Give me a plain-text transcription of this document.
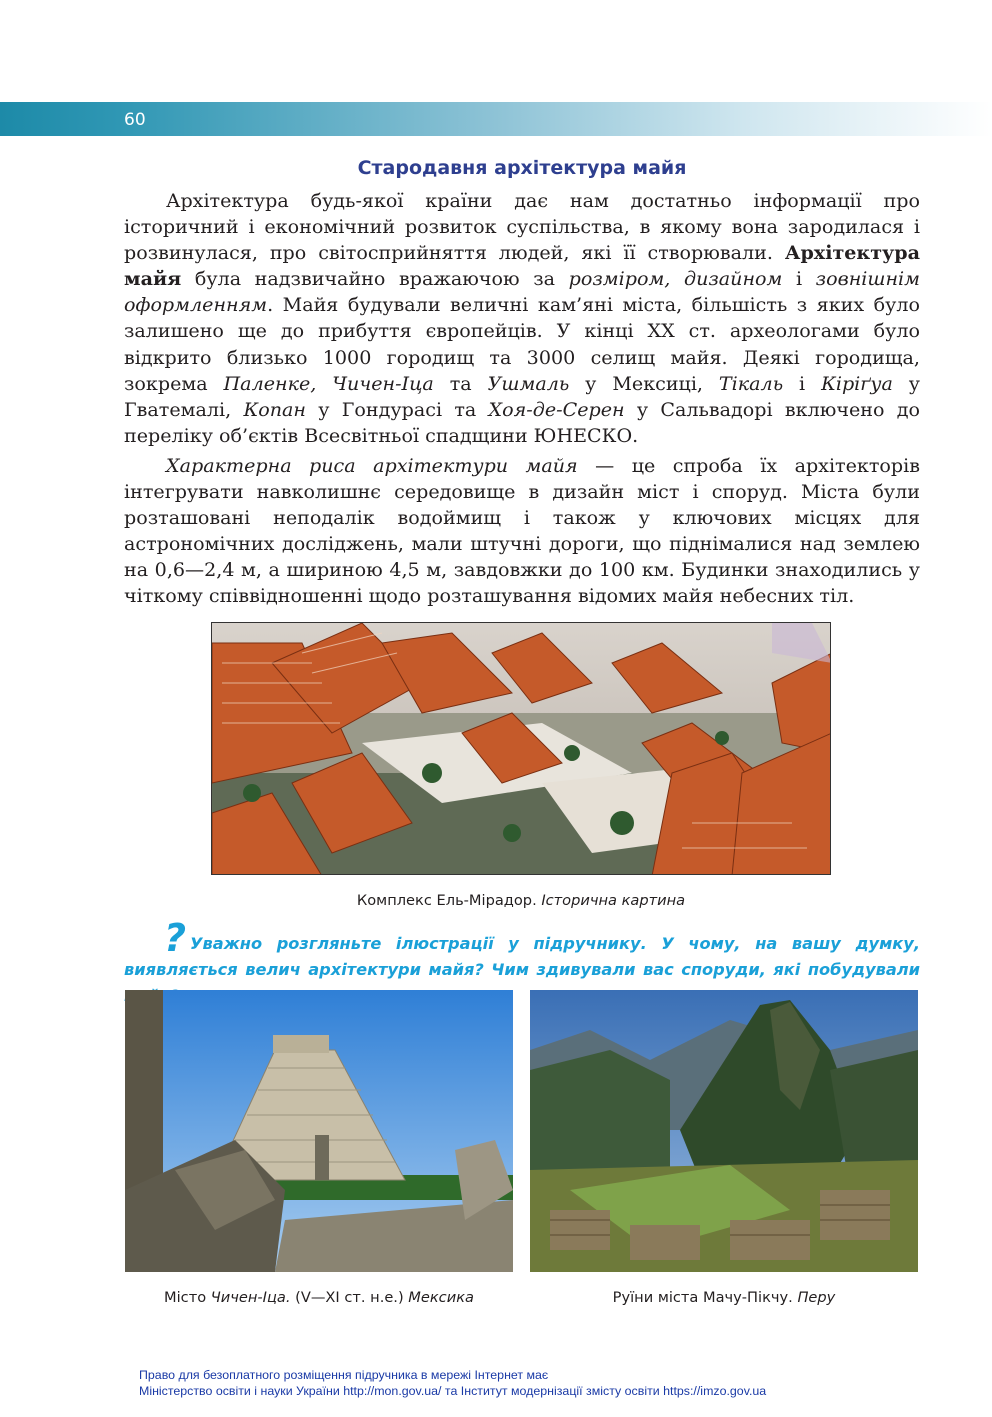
60
Стародавня архітектура майя

Архітектура будь-якої країни дає нам достатньо інформації про історичний і економічний розвиток суспільства, в якому вона зародилася і розвинулася, про світосприйняття людей, які її створювали. Архітектура майя була надзвичайно вражаючою за розміром, дизайном і зовнішнім оформленням. Майя будували величні кам’яні міста, більшість з яких було залишено ще до прибуття європейців. У кінці XX ст. археологами було відкрито близько 1000 городищ та 3000 селищ майя. Деякі городища, зокрема Паленке, Чичен-Іца та Ушмаль у Мексиці, Тікаль і Кіріґуа у Гватемалі, Копан у Гондурасі та Хоя-де-Серен у Сальвадорі включено до переліку об’єктів Всесвітньої спадщини ЮНЕСКО.

Характерна риса архітектури майя — це спроба їх архітекторів інтегрувати навколишнє середовище в дизайн міст і споруд. Міста були розташовані неподалік водоймищ і також у ключових місцях для астрономічних досліджень, мали штучні дороги, що піднімалися над землею на 0,6—2,4 м, а шириною 4,5 м, завдовжки до 100 км. Будинки знаходились у чіткому співвідношенні щодо розташування відомих майя небесних тіл.

Комплекс Ель-Мірадор. Історична картина
? Уважно розгляньте ілюстрації у підручнику. У чому, на вашу думку, виявляється велич архітектури майя? Чим здивували вас споруди, які побудували
Місто Чичен-Іца. (V—XI ст. н.е.) Мексика	Руїни міста Мачу-Пікчу. Перу
Право для безоплатного розміщення підручника в мережі Інтернет має
Міністерство освіти і науки України http://mon.gov.ua/ та Інститут модернізації змісту освіти https://imzo.gov.ua
